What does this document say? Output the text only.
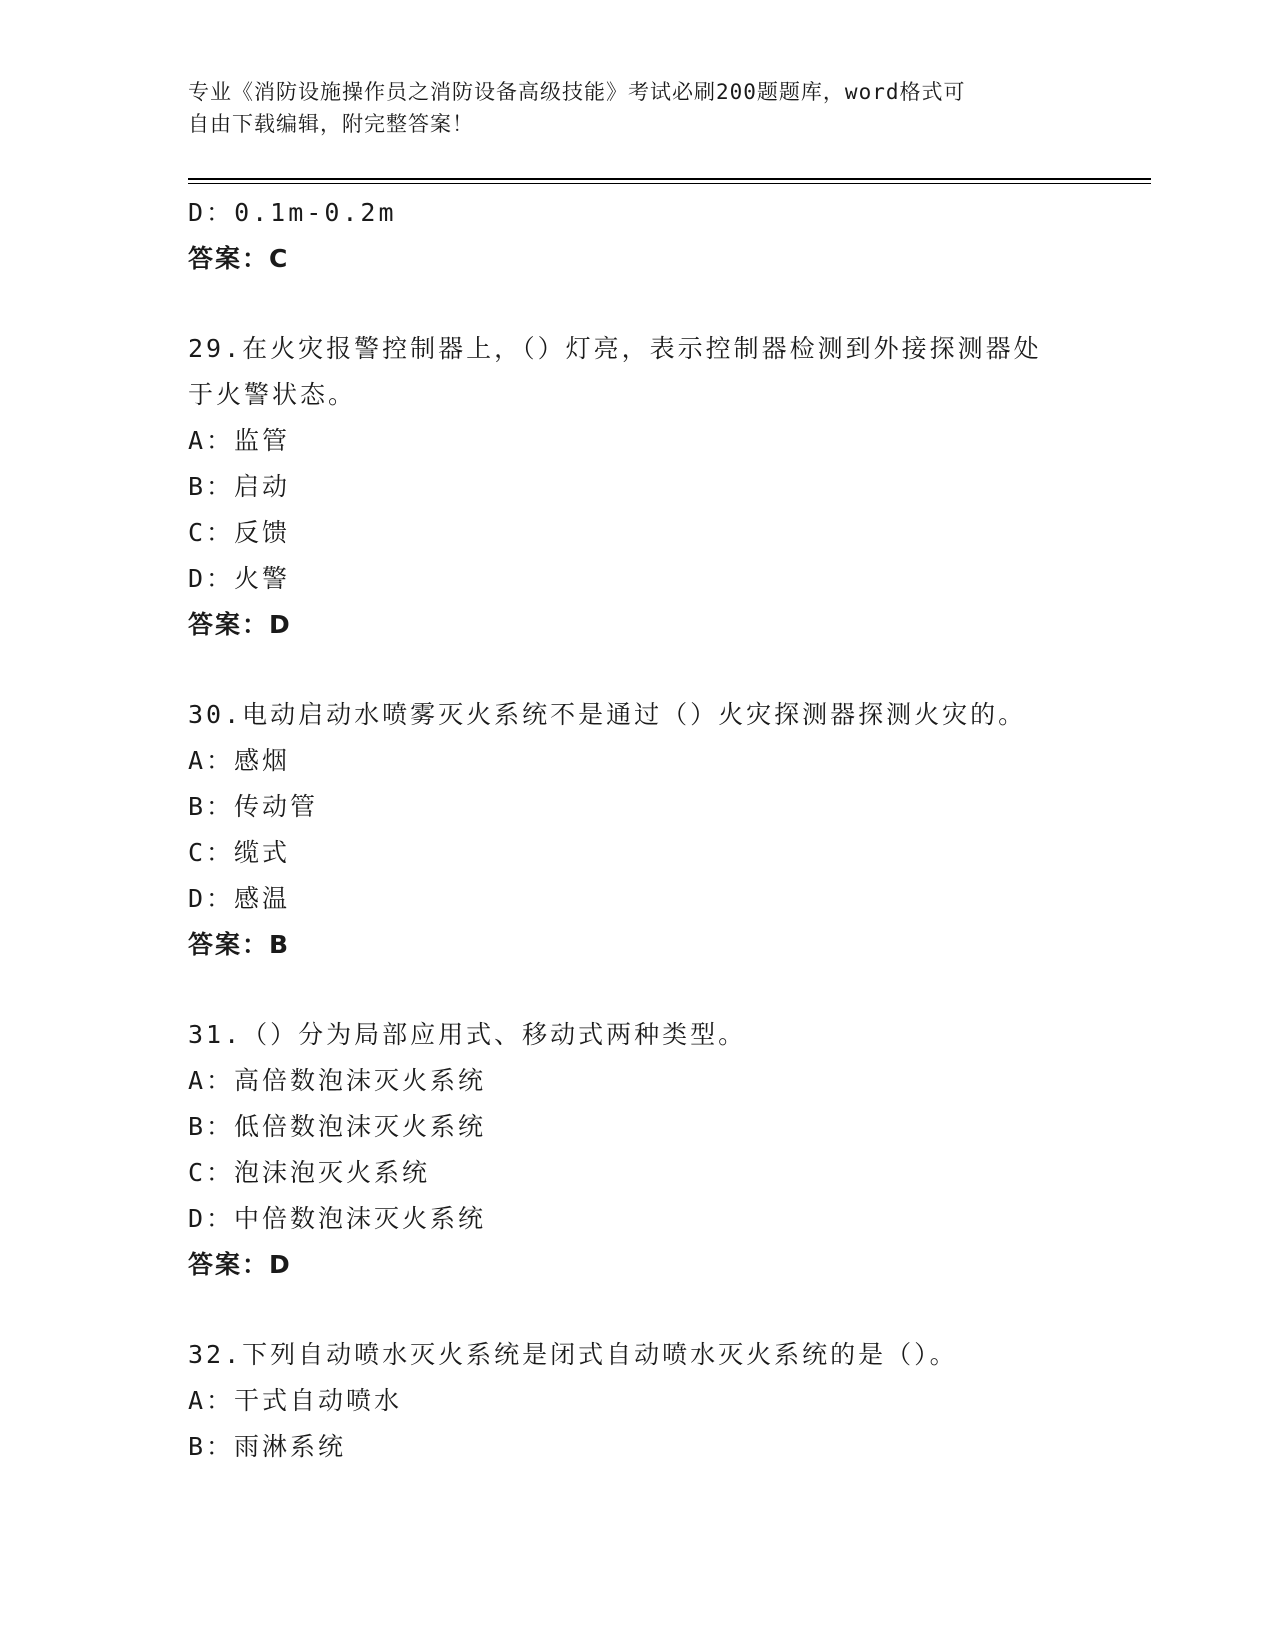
专业《消防设施操作员之消防设备高级技能》考试必刷200题题库，word格式可
自由下载编辑，附完整答案！
D：0.1m-0.2m
答案：C
29.在火灾报警控制器上，（）灯亮，表示控制器检测到外接探测器处于火警状态。
A：监管
B：启动
C：反馈
D：火警
答案：D
30.电动启动水喷雾灭火系统不是通过（）火灾探测器探测火灾的。
A：感烟
B：传动管
C：缆式
D：感温
答案：B
31.（）分为局部应用式、移动式两种类型。
A：高倍数泡沫灭火系统
B：低倍数泡沫灭火系统
C：泡沫泡灭火系统
D：中倍数泡沫灭火系统
答案：D
32.下列自动喷水灭火系统是闭式自动喷水灭火系统的是（）。
A：干式自动喷水
B：雨淋系统
